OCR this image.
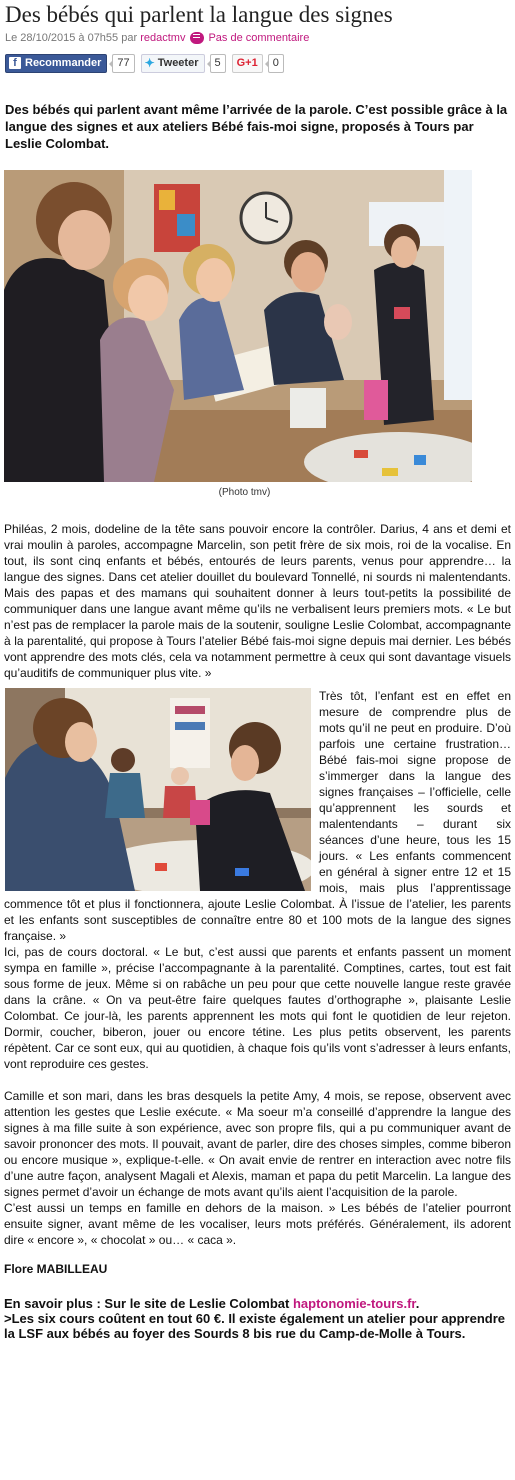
Des bébés qui parlent la langue des signes
Le 28/10/2015 à 07h55
par
redactmv Pas de commentaire
f Recommander	77	✦ Tweeter	5	G+1	0
Des bébés qui parlent avant même l’arrivée de la parole. C’est possible grâce à la langue des signes et aux ateliers Bébé fais-moi signe, proposés à Tours par Leslie Colombat.
(Photo tmv)

Philéas, 2 mois, dodeline de la tête sans pouvoir encore la contrôler. Darius, 4 ans et demi et vrai moulin à paroles, accompagne Marcelin, son petit frère de six mois, roi de la vocalise. En tout, ils sont cinq enfants et bébés, entourés de leurs parents, venus pour apprendre… la langue des signes. Dans cet atelier douillet du boulevard Tonnellé, ni sourds ni malentendants. Mais des papas et des mamans qui souhaitent donner à leurs tout-petits la possibilité de communiquer dans une langue avant même qu’ils ne verbalisent leurs premiers mots. « Le but n’est pas de remplacer la parole mais de la soutenir, souligne Leslie Colombat, accompagnante à la parentalité, qui propose à Tours l’atelier Bébé fais-moi signe depuis mai dernier. Les bébés vont apprendre des mots clés, cela va notamment permettre à ceux qui sont davantage visuels qu’auditifs de communiquer plus vite. »

Très tôt, l’enfant est en effet en mesure de comprendre plus de mots qu’il ne peut en produire. D’où parfois une certaine frustration… Bébé fais-moi signe propose de s’immerger dans la langue des signes françaises – l’officielle, celle qu’apprennent les sourds et malentendants – durant six séances d’une heure, tous les 15 jours. « Les enfants commencent en général à signer entre 12 et 15 mois, mais plus l’apprentissage commence tôt et plus il fonctionnera, ajoute Leslie Colombat. À l’issue de l’atelier, les parents et les enfants sont susceptibles de connaître entre 80 et 100 mots de la langue des signes française. »

Ici, pas de cours doctoral. « Le but, c’est aussi que parents et enfants passent un moment sympa en famille », précise l’accompagnante à la parentalité. Comptines, cartes, tout est fait sous forme de jeux. Même si on rabâche un peu pour que cette nouvelle langue reste gravée dans la crâne. « On va peut-être faire quelques fautes d’orthographe », plaisante Leslie Colombat. Ce jour-là, les parents apprennent les mots qui font le quotidien de leur rejeton. Dormir, coucher, biberon, jouer ou encore tétine. Les plus petits observent, les parents répètent. Car ce sont eux, qui au quotidien, à chaque fois qu’ils vont s’adresser à leurs enfants, vont reproduire ces gestes.

Camille et son mari, dans les bras desquels la petite Amy, 4 mois, se repose, observent avec attention les gestes que Leslie exécute. « Ma soeur m’a conseillé d’apprendre la langue des signes à ma fille suite à son expérience, avec son propre fils, qui a pu communiquer avant de savoir prononcer des mots. Il pouvait, avant de parler, dire des choses simples, comme biberon ou encore musique », explique-t-elle. « On avait envie de rentrer en interaction avec notre fils d’une autre façon, analysent Magali et Alexis, maman et papa du petit Marcelin. La langue des signes permet d’avoir un échange de mots avant qu’ils aient l’acquisition de la parole.

C’est aussi un temps en famille en dehors de la maison. » Les bébés de l’atelier pourront ensuite signer, avant même de les vocaliser, leurs mots préférés. Généralement, ils adorent dire « encore », « chocolat » ou… « caca ».

Flore MABILLEAU
En savoir plus : Sur le site de Leslie Colombat haptonomie-tours.fr.
>Les six cours coûtent en tout 60 €. Il existe également un atelier pour apprendre la LSF aux bébés au foyer des Sourds 8 bis rue du Camp-de-Molle à Tours.
